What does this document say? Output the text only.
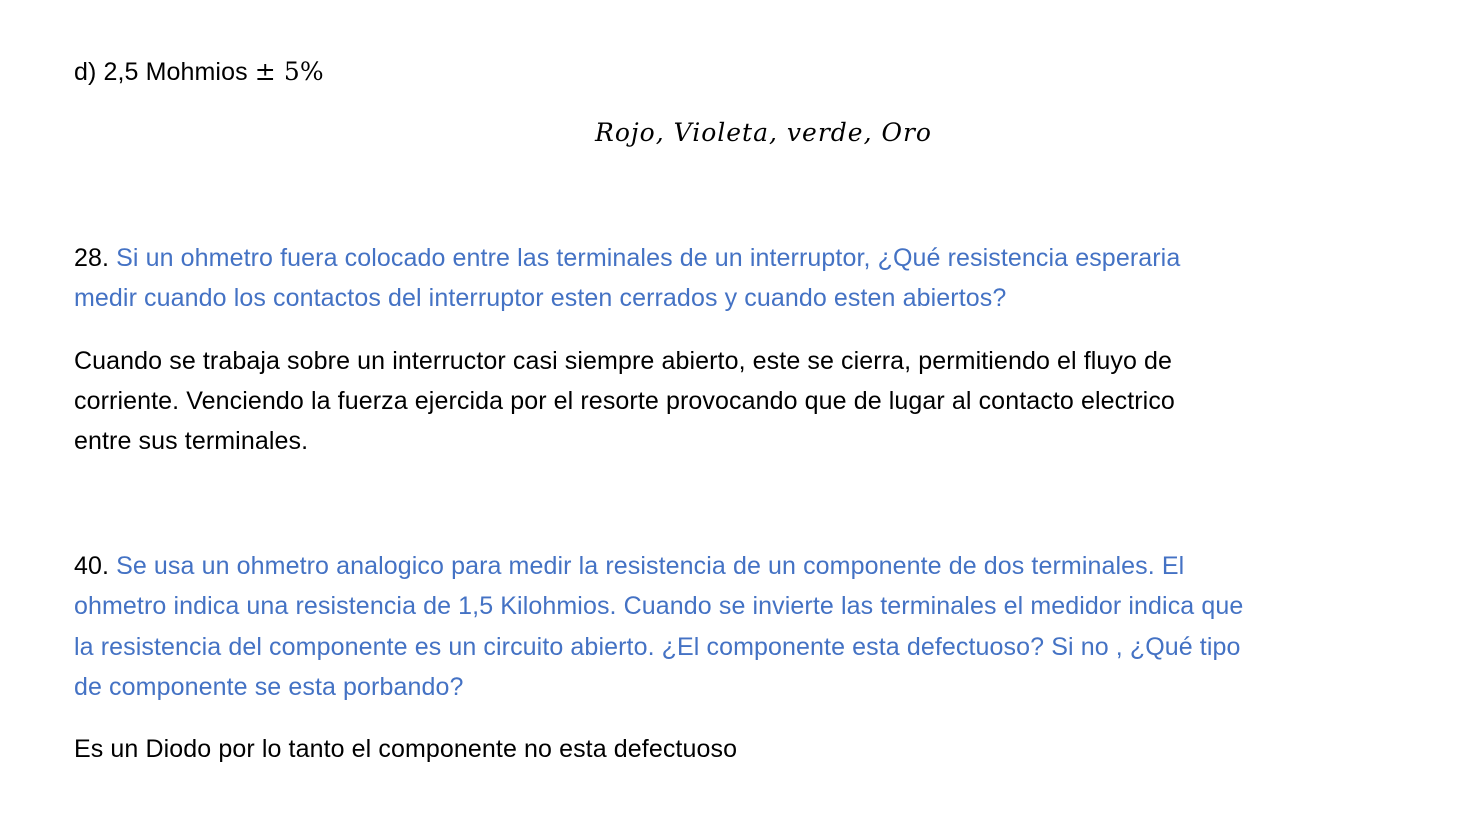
d) 2,5 Mohmios ± 5%
Rojo, Violeta, verde, Oro
28. Si un ohmetro fuera colocado entre las terminales de un interruptor, ¿Qué resistencia esperaria
medir cuando los contactos del interruptor esten cerrados y cuando esten abiertos?
Cuando se trabaja sobre un interructor casi siempre abierto, este se cierra, permitiendo el fluyo de
corriente. Venciendo la fuerza ejercida por el resorte provocando que de lugar al contacto electrico
entre sus terminales.
40. Se usa un ohmetro analogico para medir la resistencia de un componente de dos terminales. El
ohmetro indica una resistencia de 1,5 Kilohmios. Cuando se invierte las terminales el medidor indica que
la resistencia del componente es un circuito abierto. ¿El componente esta defectuoso? Si no , ¿Qué tipo
de componente se esta porbando?
Es un Diodo por lo tanto el componente no esta defectuoso
